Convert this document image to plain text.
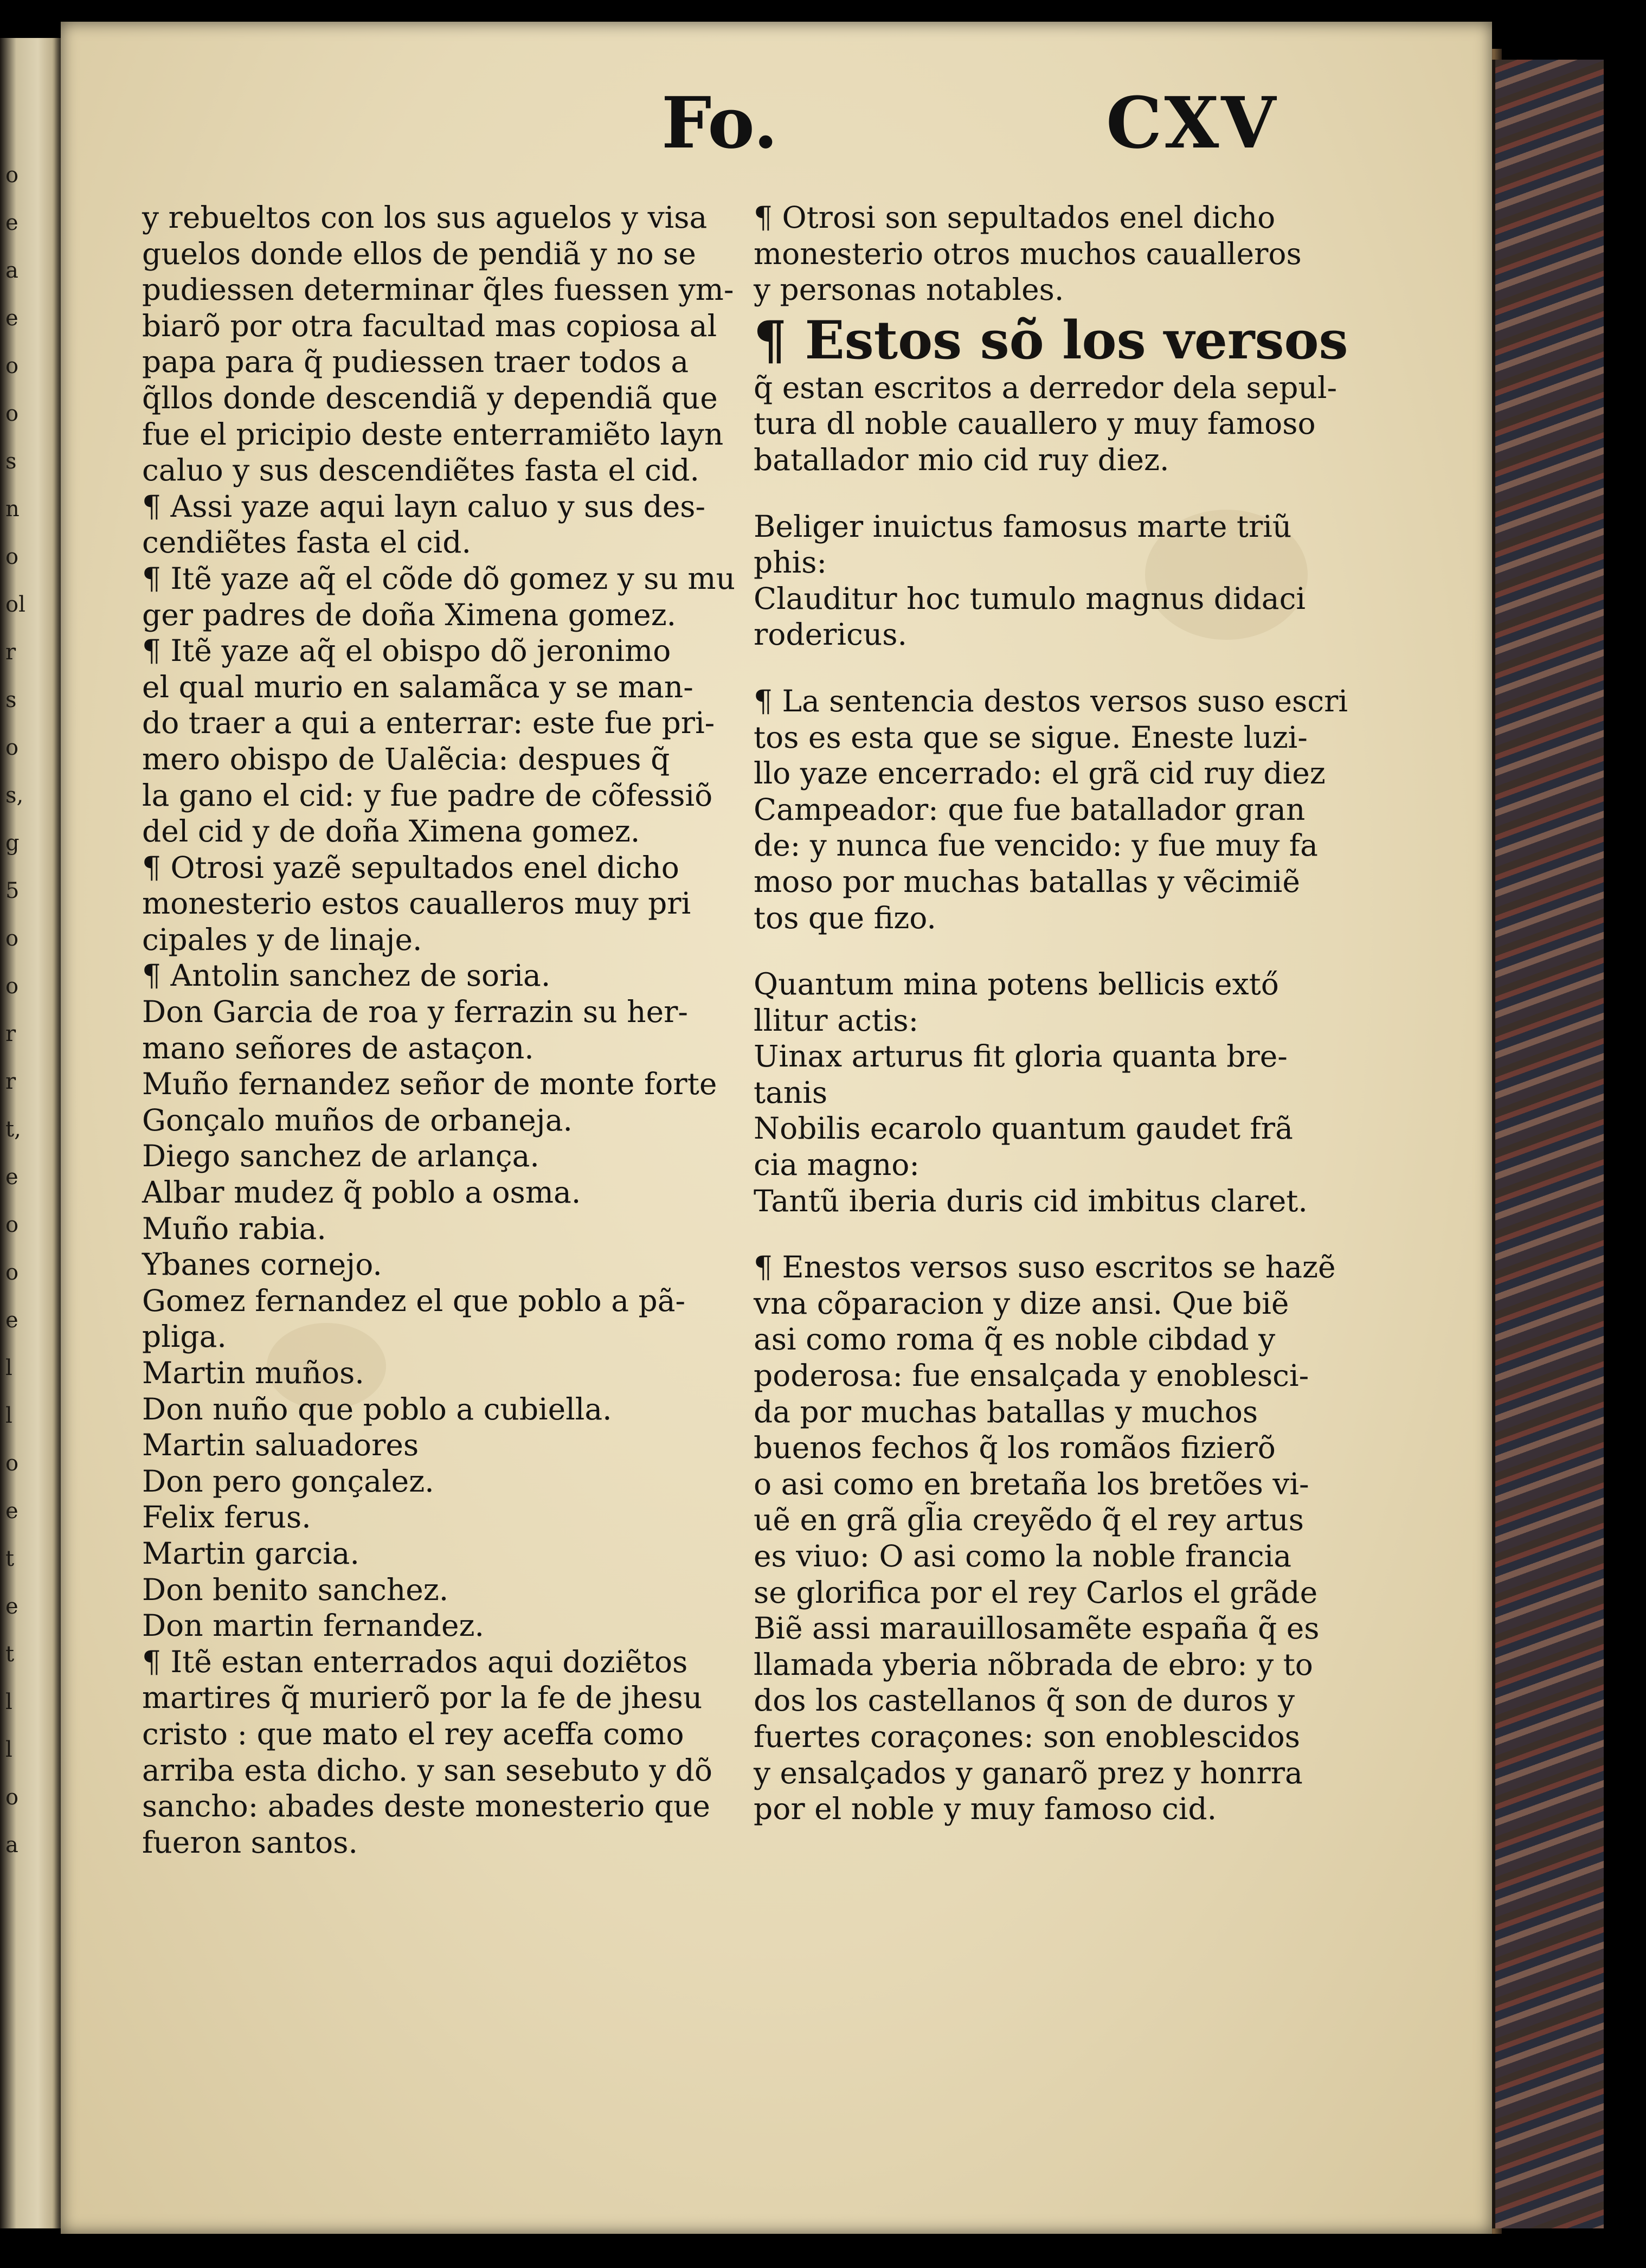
o
e
a
e
o
o
s
n
o
ol
r
s
o
s,
g
5
o
o
r
r
t,
e
o
o
e
l
l
o
e
t
e
t
l
l
o
a
Fo.	CXV
y rebueltos con los sus aguelos y visa
guelos donde ellos de pendiã y no se
pudiessen determinar q̃les fuessen ym-
biarõ por otra facultad mas copiosa al
papa para q̃ pudiessen traer todos a
q̃llos donde descendiã y dependiã que
fue el pricipio deste enterramiẽto layn
caluo y sus descendiẽtes fasta el cid.
¶ Assi yaze aqui layn caluo y sus des-
cendiẽtes fasta el cid.
¶ Itẽ yaze aq̃ el cõde dõ gomez y su mu
ger padres de doña Ximena gomez.
¶ Itẽ yaze aq̃ el obispo dõ jeronimo
el qual murio en salamãca y se man-
do traer a qui a enterrar: este fue pri-
mero obispo de Ualẽcia: despues q̃
la gano el cid: y fue padre de cõfessiõ
del cid y de doña Ximena gomez.
¶ Otrosi yazẽ sepultados enel dicho
monesterio estos caualleros muy pri
cipales y de linaje.
¶ Antolin sanchez de soria.
Don Garcia de roa y ferrazin su her-
mano señores de astaçon.
Muño fernandez señor de monte forte
Gonçalo muños de orbaneja.
Diego sanchez de arlança.
Albar mudez q̃ poblo a osma.
Muño rabia.
Ybanes cornejo.
Gomez fernandez el que poblo a pã-
pliga.
Martin muños.
Don nuño que poblo a cubiella.
Martin saluadores
Don pero gonçalez.
Felix ferus.
Martin garcia.
Don benito sanchez.
Don martin fernandez.
¶ Itẽ estan enterrados aqui doziẽtos
martires q̃ murierõ por la fe de jhesu
cristo : que mato el rey aceffa como
arriba esta dicho. y san sesebuto y dõ
sancho: abades deste monesterio que
fueron santos.
¶ Otrosi son sepultados enel dicho
monesterio otros muchos caualleros
y personas notables.
¶ Estos sõ los versos
q̃ estan escritos a derredor dela sepul-
tura dl noble cauallero y muy famoso
batallador mio cid ruy diez.
Beliger inuictus famosus marte triũ
phis:
Clauditur hoc tumulo magnus didaci
rodericus.
¶ La sentencia destos versos suso escri
tos es esta que se sigue. Eneste luzi-
llo yaze encerrado: el grã cid ruy diez
Campeador: que fue batallador gran
de: y nunca fue vencido: y fue muy fa
moso por muchas batallas y vẽcimiẽ
tos que fizo.
Quantum mina potens bellicis extő
llitur actis:
Uinax arturus fit gloria quanta bre-
tanis
Nobilis ecarolo quantum gaudet frã
cia magno:
Tantũ iberia duris cid imbitus claret.
¶ Enestos versos suso escritos se hazẽ
vna cõparacion y dize ansi. Que biẽ
asi como roma q̃ es noble cibdad y
poderosa: fue ensalçada y enoblesci-
da por muchas batallas y muchos
buenos fechos q̃ los romãos fizierõ
o asi como en bretaña los bretões vi-
uẽ en grã gl̃ia creyẽdo q̃ el rey artus
es viuo: O asi como la noble francia
se glorifica por el rey Carlos el grãde
Biẽ assi marauillosamẽte españa q̃ es
llamada yberia nõbrada de ebro: y to
dos los castellanos q̃ son de duros y
fuertes coraçones: son enoblescidos
y ensalçados y ganarõ prez y honrra
por el noble y muy famoso cid.
